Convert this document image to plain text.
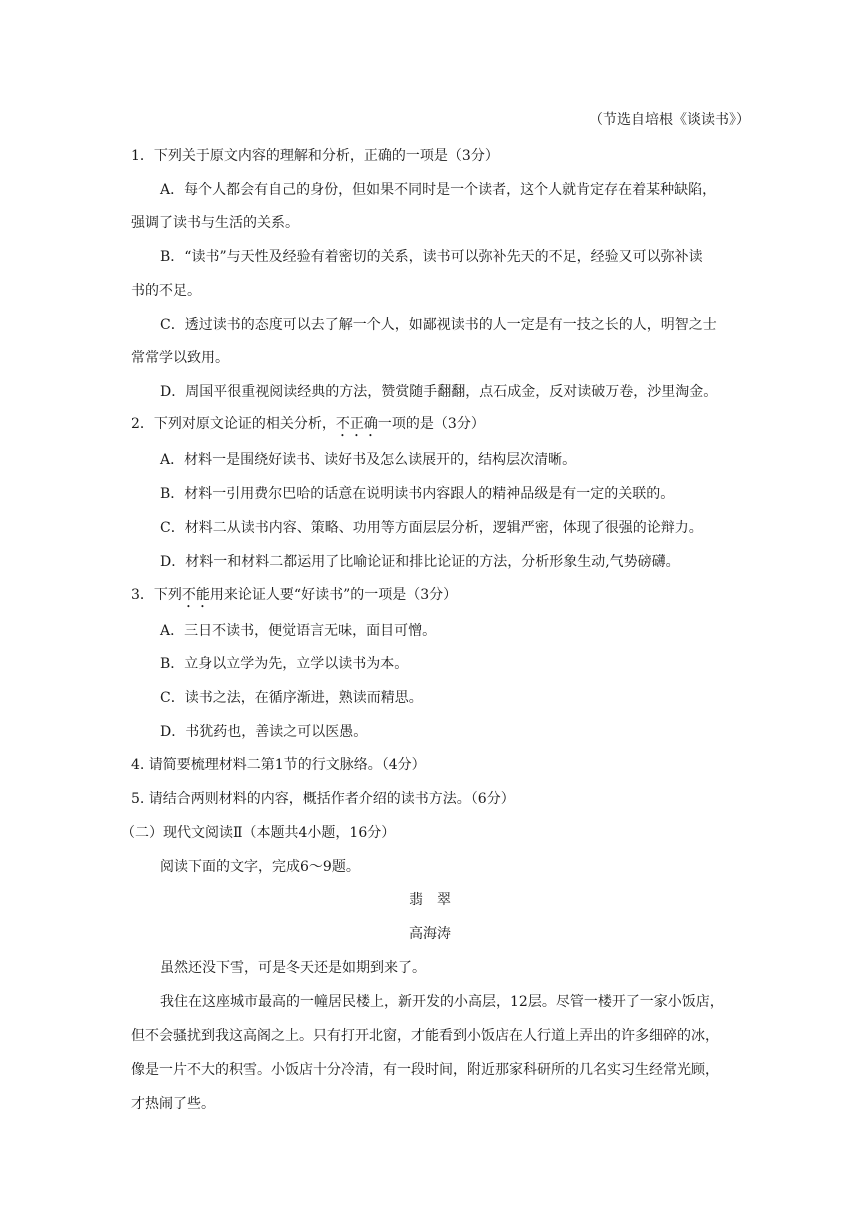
（节选自培根《谈读书》）
1．下列关于原文内容的理解和分析，正确的一项是（3分）
A．每个人都会有自己的身份，但如果不同时是一个读者，这个人就肯定存在着某种缺陷，
强调了读书与生活的关系。
B．“读书”与天性及经验有着密切的关系，读书可以弥补先天的不足，经验又可以弥补读
书的不足。
C．透过读书的态度可以去了解一个人，如鄙视读书的人一定是有一技之长的人，明智之士
常常学以致用。
D．周国平很重视阅读经典的方法，赞赏随手翻翻，点石成金，反对读破万卷，沙里淘金。
2．下列对原文论证的相关分析，不正确一项的是（3分）
A．材料一是围绕好读书、读好书及怎么读展开的，结构层次清晰。
B．材料一引用费尔巴哈的话意在说明读书内容跟人的精神品级是有一定的关联的。
C．材料二从读书内容、策略、功用等方面层层分析，逻辑严密，体现了很强的论辩力。
D．材料一和材料二都运用了比喻论证和排比论证的方法，分析形象生动,气势磅礴。
3．下列不能用来论证人要“好读书”的一项是（3分）
A．三日不读书，便觉语言无味，面目可憎。
B．立身以立学为先，立学以读书为本。
C．读书之法，在循序渐进，熟读而精思。
D．书犹药也，善读之可以医愚。
4. 请简要梳理材料二第1节的行文脉络。（4分）
5. 请结合两则材料的内容，概括作者介绍的读书方法。（6分）
（二）现代文阅读Ⅱ（本题共4小题，16分）
阅读下面的文字，完成6～9题。
翡　翠
高海涛
虽然还没下雪，可是冬天还是如期到来了。
我住在这座城市最高的一幢居民楼上，新开发的小高层，12层。尽管一楼开了一家小饭店，
但不会骚扰到我这高阁之上。只有打开北窗，才能看到小饭店在人行道上弄出的许多细碎的冰，
像是一片不大的积雪。小饭店十分冷清，有一段时间，附近那家科研所的几名实习生经常光顾，
才热闹了些。
